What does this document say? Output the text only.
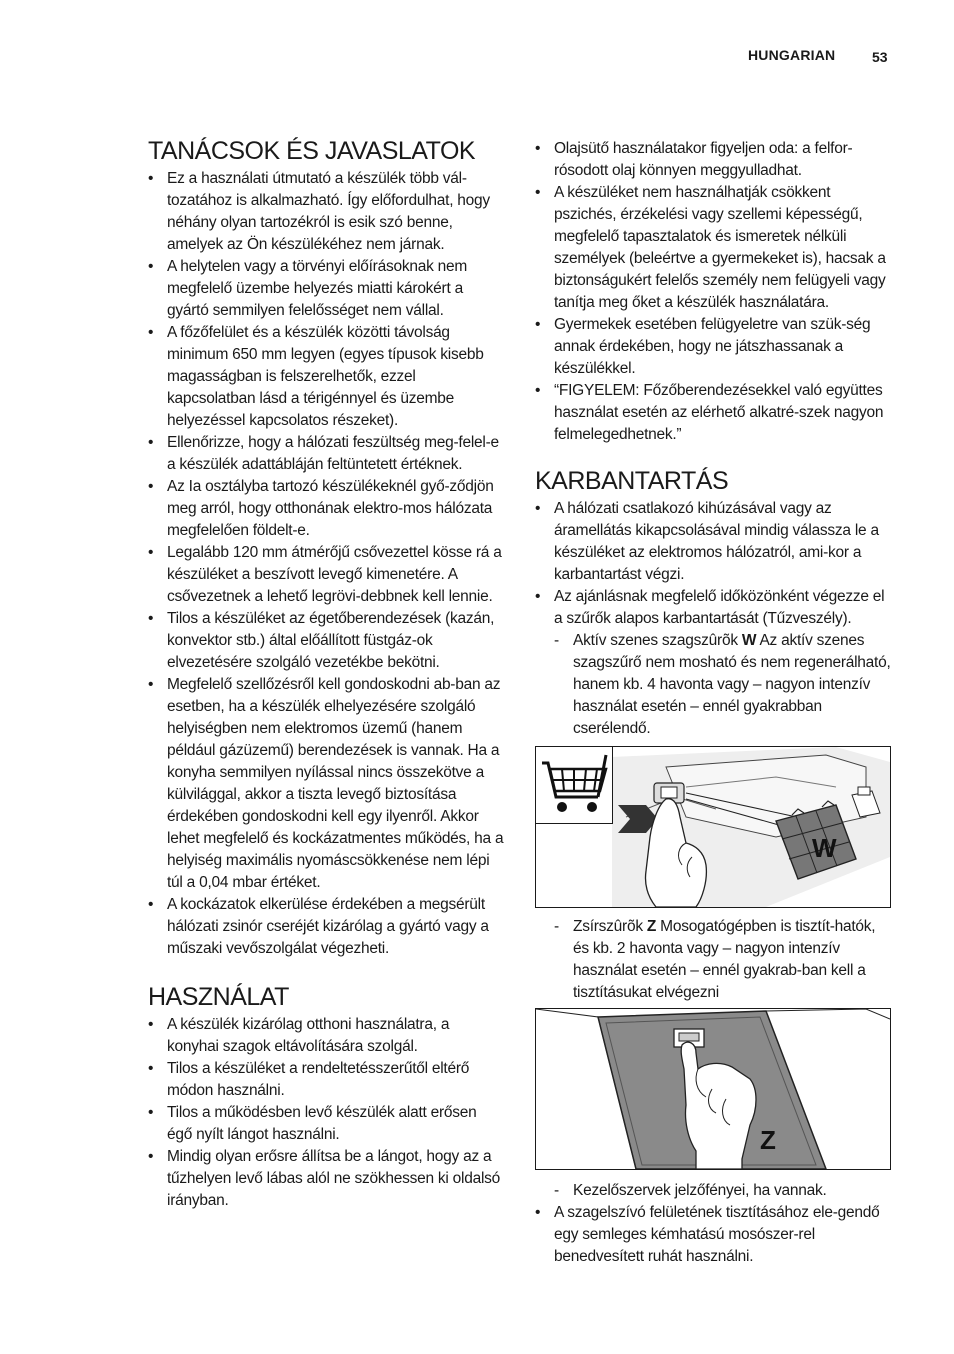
HUNGARIAN	53
TANÁCSOK ÉS JAVASLATOK
• Ez a használati útmutató a készülék több vál-tozatához is alkalmazható. Így előfordulhat, hogy néhány olyan tartozékról is esik szó benne, amelyek az Ön készülékéhez nem járnak.
• A helytelen vagy a törvényi előírásoknak nem megfelelő üzembe helyezés miatti károkért a gyártó semmilyen felelősséget nem vállal.
• A főzőfelület és a készülék közötti távolság minimum 650 mm legyen (egyes típusok kisebb magasságban is felszerelhetők, ezzel kapcsolatban lásd a térigénnyel és üzembe helyezéssel kapcsolatos részeket).
• Ellenőrizze, hogy a hálózati feszültség meg-felel-e a készülék adattábláján feltüntetett értéknek.
• Az Ia osztályba tartozó készülékeknél győ-ződjön meg arról, hogy otthonának elektro-mos hálózata megfelelően földelt-e.
• Legalább 120 mm átmérőjű csővezettel kösse rá a készüléket a beszívott levegő kimenetére. A csővezetnek a lehető legrövi-debbnek kell lennie.
• Tilos a készüléket az égetőberendezések (kazán, konvektor stb.) által előállított füstgáz-ok elvezetésére szolgáló vezetékbe bekötni.
• Megfelelő szellőzésről kell gondoskodni ab-ban az esetben, ha a készülék elhelyezésére szolgáló helyiségben nem elektromos üzemű (hanem például gázüzemű) berendezések is vannak. Ha a konyha semmilyen nyílással nincs összekötve a külvilággal, akkor a tiszta levegő biztosítása érdekében gondoskodni kell egy ilyenről. Akkor lehet megfelelő és kockázatmentes működés, ha a helyiség maximális nyomáscsökkenése nem lépi túl a 0,04 mbar értéket.
• A kockázatok elkerülése érdekében a megsérült hálózati zsinór cseréjét kizárólag a gyártó vagy a műszaki vevőszolgálat végezheti.
HASZNÁLAT
• A készülék kizárólag otthoni használatra, a konyhai szagok eltávolítására szolgál.
• Tilos a készüléket a rendeltetésszerűtől eltérő módon használni.
• Tilos a működésben levő készülék alatt erősen égő nyílt lángot használni.
• Mindig olyan erősre állítsa be a lángot, hogy az a tűzhelyen levő lábas alól ne szökhessen ki oldalsó irányban.
• Olajsütő használatakor figyeljen oda: a felfor-rósodott olaj könnyen meggyulladhat.
• A készüléket nem használhatják csökkent pszichés, érzékelési vagy szellemi képességű, megfelelő tapasztalatok és ismeretek nélküli személyek (beleértve a gyermekeket is), hacsak a biztonságukért felelős személy nem felügyeli vagy tanítja meg őket a készülék használatára.
• Gyermekek esetében felügyeletre van szük-ség annak érdekében, hogy ne játszhassanak a készülékkel.
• “FIGYELEM: Főzőberendezésekkel való együttes használat esetén az elérhető alkatré-szek nagyon felmelegedhetnek.”
KARBANTARTÁS
• A hálózati csatlakozó kihúzásával vagy az áramellátás kikapcsolásával mindig válassza le a készüléket az elektromos hálózatról, ami-kor a karbantartást végzi.
• Az ajánlásnak megfelelő időközönként végezze el a szűrők alapos karbantartását (Tűzveszély).
- Aktív szenes szagszûrõk W Az aktív szenes szagszűrő nem mosható és nem regenerálható, hanem kb. 4 havonta vagy – nagyon intenzív használat esetén – ennél gyakrabban cserélendő.
W
- Zsírszûrõk Z Mosogatógépben is tisztít-hatók, és kb. 2 havonta vagy – nagyon intenzív használat esetén – ennél gyakrab-ban kell a tisztításukat elvégezni
Z
- Kezelőszervek jelzőfényei, ha vannak.
• A szagelszívó felületének tisztításához ele-gendő egy semleges kémhatású mosószer-rel benedvesített ruhát használni.
